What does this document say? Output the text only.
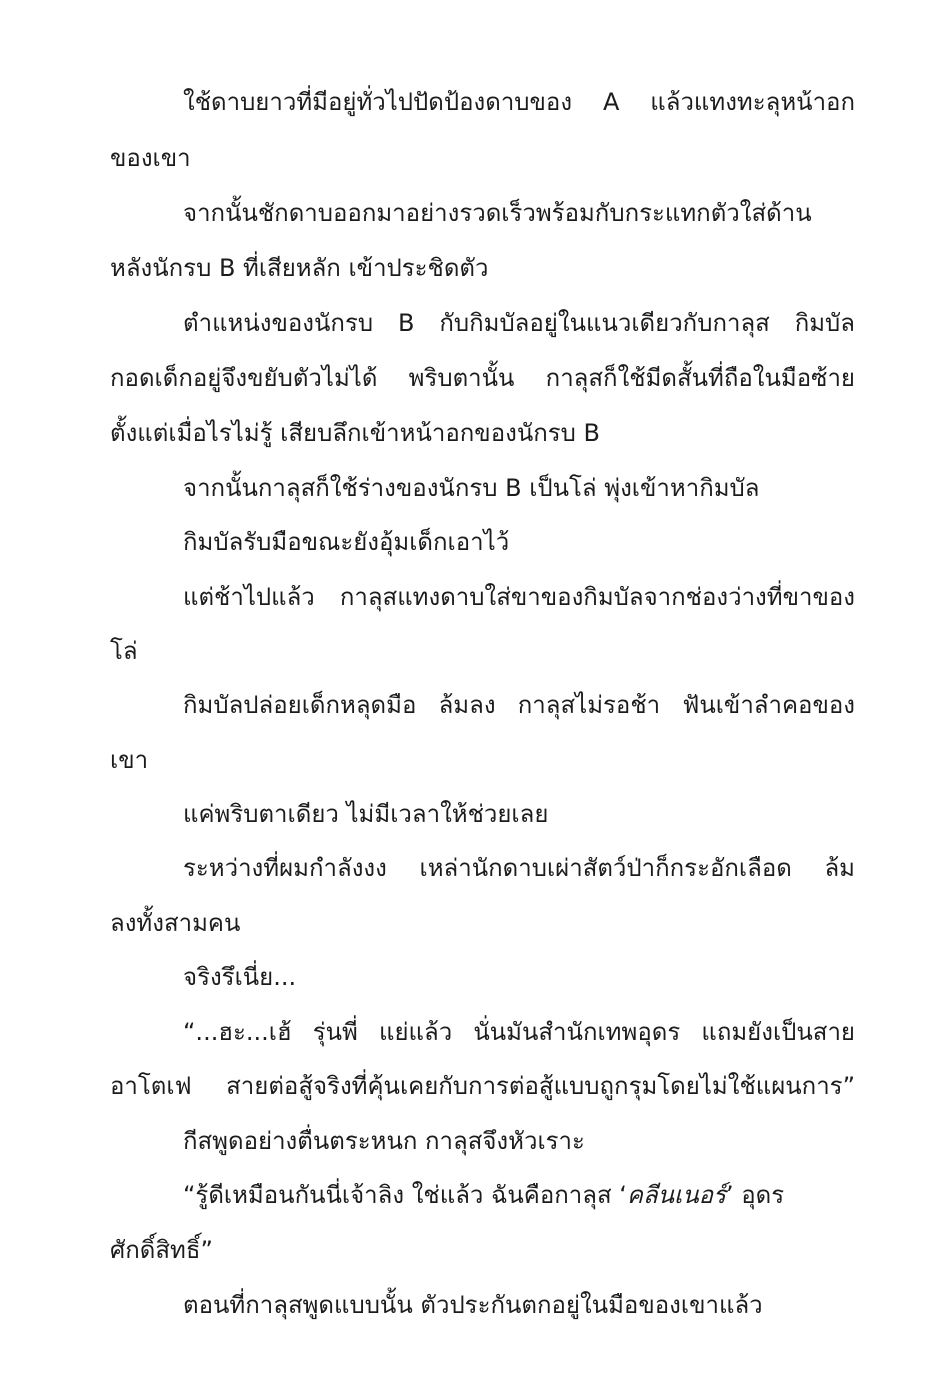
ใช้ดาบยาวที่มีอยู่ทั่วไปปัดป้องดาบของ A แล้วแทงทะลุหน้าอก
ของเขา
จากนั้นชักดาบออกมาอย่างรวดเร็วพร้อมกับกระแทกตัวใส่ด้าน
หลังนักรบ B ที่เสียหลัก เข้าประชิดตัว
ตำแหน่งของนักรบ B กับกิมบัลอยู่ในแนวเดียวกับกาลุส กิมบัล
กอดเด็กอยู่จึงขยับตัวไม่ได้ พริบตานั้น กาลุสก็ใช้มีดสั้นที่ถือในมือซ้าย
ตั้งแต่เมื่อไรไม่รู้ เสียบลึกเข้าหน้าอกของนักรบ B
จากนั้นกาลุสก็ใช้ร่างของนักรบ B เป็นโล่ พุ่งเข้าหากิมบัล
กิมบัลรับมือขณะยังอุ้มเด็กเอาไว้
แต่ช้าไปแล้ว กาลุสแทงดาบใส่ขาของกิมบัลจากช่องว่างที่ขาของ
โล่
กิมบัลปล่อยเด็กหลุดมือ ล้มลง กาลุสไม่รอช้า ฟันเข้าลำคอของ
เขา
แค่พริบตาเดียว ไม่มีเวลาให้ช่วยเลย
ระหว่างที่ผมกำลังงง เหล่านักดาบเผ่าสัตว์ป่าก็กระอักเลือด ล้ม
ลงทั้งสามคน
จริงรึเนี่ย...
“...ฮะ...เฮ้ รุ่นพี่ แย่แล้ว นั่นมันสำนักเทพอุดร แถมยังเป็นสาย
อาโตเฟ สายต่อสู้จริงที่คุ้นเคยกับการต่อสู้แบบถูกรุมโดยไม่ใช้แผนการ”
กีสพูดอย่างตื่นตระหนก กาลุสจึงหัวเราะ
“รู้ดีเหมือนกันนี่เจ้าลิง ใช่แล้ว ฉันคือกาลุส ‘คลีนเนอร์’ อุดร
ศักดิ์สิทธิ์”
ตอนที่กาลุสพูดแบบนั้น ตัวประกันตกอยู่ในมือของเขาแล้ว
